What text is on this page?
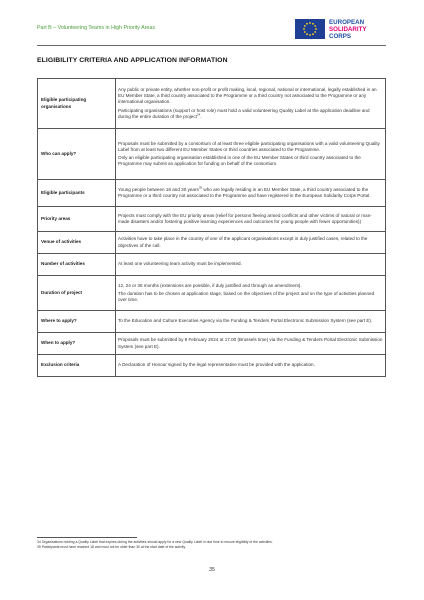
Part B – Volunteering Teams in High Priority Areas
EUROPEAN
SOLIDARITY
CORPS
ELIGIBILITY CRITERIA AND APPLICATION INFORMATION
Eligible participating organisations	Any public or private entity, whether non-profit or profit making, local, regional, national or international, legally established in an EU Member State, a third country associated to the Programme or a third country not associated to the Programme or any international organisation.

Participating organisations (support or host role) must hold a valid volunteering Quality Label at the application deadline and during the entire duration of the project$^{34}$.

Who can apply?	Proposals must be submitted by a consortium of at least three eligible participating organisations with a valid volunteering Quality Label from at least two different EU Member States or third countries associated to the Programme.

Only an eligible participating organisation established in one of the EU Member States or third country associated to the Programme may submit an application for funding on behalf of the consortium.

Eligible participants	Young people between 18 and 30 years$^{35}$ who are legally residing in an EU Member State, a third country associated to the Programme or a third country not associated to the Programme and have registered in the European Solidarity Corps Portal.

Priority areas	Projects must comply with the EU priority areas (relief for persons fleeing armed conflicts and other victims of natural or man-made disasters and/or fostering positive learning experiences and outcomes for young people with fewer opportunities))

Venue of activities	Activities have to take place in the country of one of the applicant organisations except in duly justified cases, related to the objectives of the call.

Number of activities	At least one volunteering team activity must be implemented.

Duration of project	12, 24 or 36 months (extensions are possible, if duly justified and through an amendment).

The duration has to be chosen at application stage, based on the objectives of the project and on the type of activities planned over time.

Where to apply?	To the Education and Culture Executive Agency via the Funding & Tenders Portal Electronic Submission System (see part E).

When to apply?	Proposals must be submitted by 8 February 2024 at 17.00 (Brussels time) via the Funding & Tenders Portal Electronic Submission System (see part E).

Exclusion criteria	A Declaration of Honour signed by the legal representative must be provided with the application.

34 Organisations holding a Quality Label that expires during the activities should apply for a new Quality Label in due time to ensure eligibility of the activities.
35 Participants must have reached 18 and must not be older than 30 at the start date of the activity.
35
